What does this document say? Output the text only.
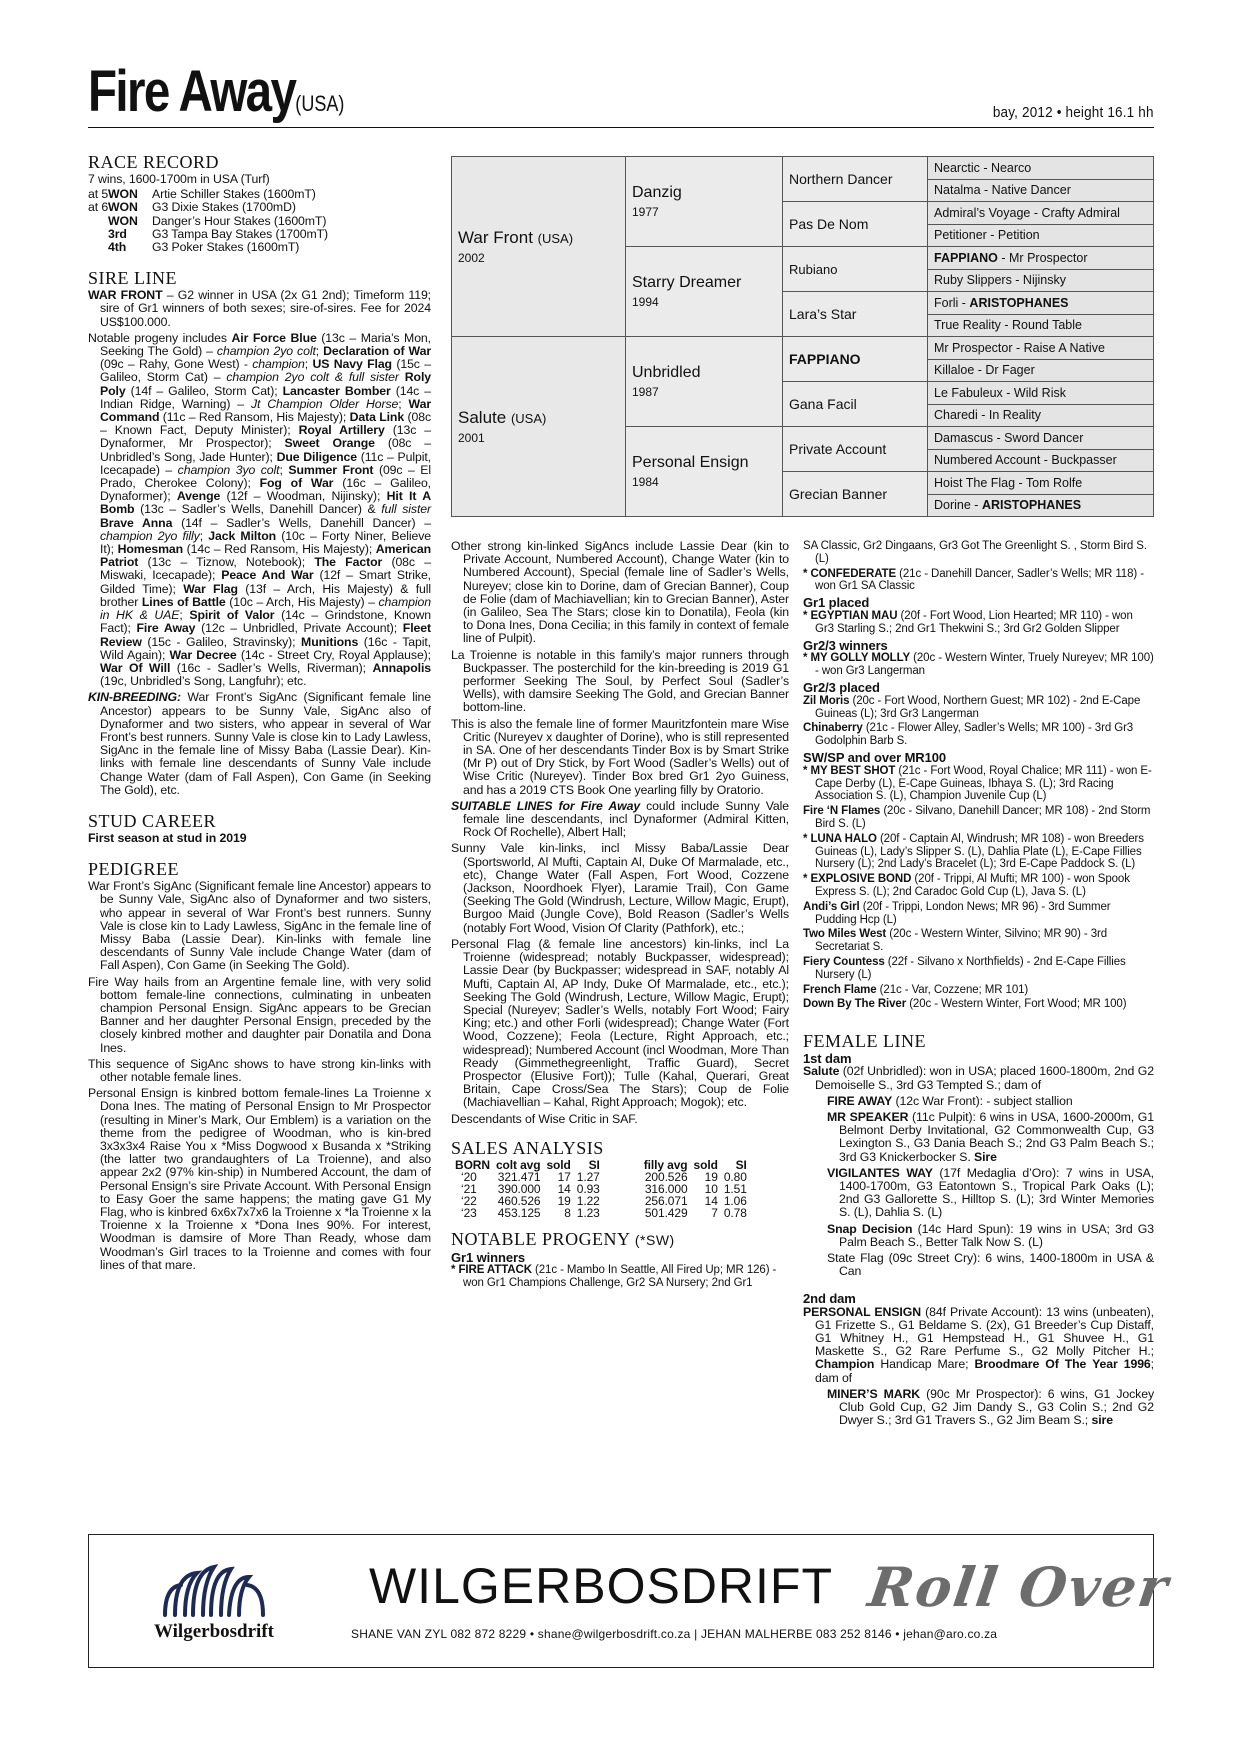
Fire Away(USA)	bay, 2012 • height 16.1 hh
RACE RECORD

7 wins, 1600-1700m in USA (Turf)

at 5 WON	Artie Schiller Stakes (1600mT)
at 6 WON	G3 Dixie Stakes (1700mD)
WON	Danger’s Hour Stakes (1600mT)
3rd	G3 Tampa Bay Stakes (1700mT)
4th	G3 Poker Stakes (1600mT)
SIRE LINE

WAR FRONT – G2 winner in USA (2x G1 2nd); Timeform 119; sire of Gr1 winners of both sexes; sire-of-sires. Fee for 2024 US$100.000.

Notable progeny includes Air Force Blue (13c – Maria’s Mon, Seeking The Gold) – champion 2yo colt; Declaration of War (09c – Rahy, Gone West) - champion; US Navy Flag (15c – Galileo, Storm Cat) – champion 2yo colt & full sister Roly Poly (14f – Galileo, Storm Cat); Lancaster Bomber (14c – Indian Ridge, Warning) – Jt Champion Older Horse; War Command (11c – Red Ransom, His Majesty); Data Link (08c – Known Fact, Deputy Minister); Royal Artillery (13c – Dynaformer, Mr Prospector); Sweet Orange (08c – Unbridled’s Song, Jade Hunter); Due Diligence (11c – Pulpit, Icecapade) – champion 3yo colt; Summer Front (09c – El Prado, Cherokee Colony); Fog of War (16c – Galileo, Dynaformer); Avenge (12f – Woodman, Nijinsky); Hit It A Bomb (13c – Sadler’s Wells, Danehill Dancer) & full sister Brave Anna (14f – Sadler’s Wells, Danehill Dancer) – champion 2yo filly; Jack Milton (10c – Forty Niner, Believe It); Homesman (14c – Red Ransom, His Majesty); American Patriot (13c – Tiznow, Notebook); The Factor (08c – Miswaki, Icecapade); Peace And War (12f – Smart Strike, Gilded Time); War Flag (13f – Arch, His Majesty) & full brother Lines of Battle (10c – Arch, His Majesty) – champion in HK & UAE; Spirit of Valor (14c – Grindstone, Known Fact); Fire Away (12c – Unbridled, Private Account); Fleet Review (15c - Galileo, Stravinsky); Munitions (16c - Tapit, Wild Again); War Decree (14c - Street Cry, Royal Applause); War Of Will (16c - Sadler’s Wells, Riverman); Annapolis (19c, Unbridled’s Song, Langfuhr); etc.

KIN-BREEDING: War Front’s SigAnc (Significant female line Ancestor) appears to be Sunny Vale, SigAnc also of Dynaformer and two sisters, who appear in several of War Front’s best runners. Sunny Vale is close kin to Lady Lawless, SigAnc in the female line of Missy Baba (Lassie Dear). Kin-links with female line descendants of Sunny Vale include Change Water (dam of Fall Aspen), Con Game (in Seeking The Gold), etc.

STUD CAREER

First season at stud in 2019

PEDIGREE

War Front’s SigAnc (Significant female line Ancestor) appears to be Sunny Vale, SigAnc also of Dynaformer and two sisters, who appear in several of War Front’s best runners. Sunny Vale is close kin to Lady Lawless, SigAnc in the female line of Missy Baba (Lassie Dear). Kin-links with female line descendants of Sunny Vale include Change Water (dam of Fall Aspen), Con Game (in Seeking The Gold).

Fire Way hails from an Argentine female line, with very solid bottom female-line connections, culminating in unbeaten champion Personal Ensign. SigAnc appears to be Grecian Banner and her daughter Personal Ensign, preceded by the closely kinbred mother and daughter pair Donatila and Dona Ines.

This sequence of SigAnc shows to have strong kin-links with other notable female lines.

Personal Ensign is kinbred bottom female-lines La Troienne x Dona Ines. The mating of Personal Ensign to Mr Prospector (resulting in Miner’s Mark, Our Emblem) is a variation on the theme from the pedigree of Woodman, who is kin-bred 3x3x3x4 Raise You x *Miss Dogwood x Busanda x *Striking (the latter two grandaughters of La Troienne), and also appear 2x2 (97% kin-ship) in Numbered Account, the dam of Personal Ensign’s sire Private Account. With Personal Ensign to Easy Goer the same happens; the mating gave G1 My Flag, who is kinbred 6x6x7x7x6 la Troienne x *la Troienne x la Troienne x la Troienne x *Dona Ines 90%. For interest, Woodman is damsire of More Than Ready, whose dam Woodman’s Girl traces to la Troienne and comes with four lines of that mare.

War Front (USA)
2002	Danzig
1977	Northern Dancer	Nearctic - Nearco
			Natalma - Native Dancer
		Pas De Nom	Admiral’s Voyage - Crafty Admiral
			Petitioner - Petition
	Starry Dreamer
1994	Rubiano	FAPPIANO - Mr Prospector
			Ruby Slippers - Nijinsky
		Lara’s Star	Forli - ARISTOPHANES
			True Reality - Round Table
Salute (USA)
2001	Unbridled
1987	FAPPIANO	Mr Prospector - Raise A Native
			Killaloe - Dr Fager
		Gana Facil	Le Fabuleux - Wild Risk
			Charedi - In Reality
	Personal Ensign
1984	Private Account	Damascus - Sword Dancer
			Numbered Account - Buckpasser
		Grecian Banner	Hoist The Flag - Tom Rolfe
			Dorine - ARISTOPHANES

Other strong kin-linked SigAncs include Lassie Dear (kin to Private Account, Numbered Account), Change Water (kin to Numbered Account), Special (female line of Sadler’s Wells, Nureyev; close kin to Dorine, dam of Grecian Banner), Coup de Folie (dam of Machiavellian; kin to Grecian Banner), Aster (in Galileo, Sea The Stars; close kin to Donatila), Feola (kin to Dona Ines, Dona Cecilia; in this family in context of female line of Pulpit).

La Troienne is notable in this family’s major runners through Buckpasser. The posterchild for the kin-breeding is 2019 G1 performer Seeking The Soul, by Perfect Soul (Sadler’s Wells), with damsire Seeking The Gold, and Grecian Banner bottom-line.

This is also the female line of former Mauritzfontein mare Wise Critic (Nureyev x daughter of Dorine), who is still represented in SA. One of her descendants Tinder Box is by Smart Strike (Mr P) out of Dry Stick, by Fort Wood (Sadler’s Wells) out of Wise Critic (Nureyev). Tinder Box bred Gr1 2yo Guiness, and has a 2019 CTS Book One yearling filly by Oratorio.

SUITABLE LINES for Fire Away could include Sunny Vale female line descendants, incl Dynaformer (Admiral Kitten, Rock Of Rochelle), Albert Hall;

Sunny Vale kin-links, incl Missy Baba/Lassie Dear (Sportsworld, Al Mufti, Captain Al, Duke Of Marmalade, etc., etc), Change Water (Fall Aspen, Fort Wood, Cozzene (Jackson, Noordhoek Flyer), Laramie Trail), Con Game (Seeking The Gold (Windrush, Lecture, Willow Magic, Erupt), Burgoo Maid (Jungle Cove), Bold Reason (Sadler’s Wells (notably Fort Wood, Vision Of Clarity (Pathfork), etc.;

Personal Flag (& female line ancestors) kin-links, incl La Troienne (widespread; notably Buckpasser, widespread); Lassie Dear (by Buckpasser; widespread in SAF, notably Al Mufti, Captain Al, AP Indy, Duke Of Marmalade, etc., etc.); Seeking The Gold (Windrush, Lecture, Willow Magic, Erupt); Special (Nureyev; Sadler’s Wells, notably Fort Wood; Fairy King; etc.) and other Forli (widespread); Change Water (Fort Wood, Cozzene); Feola (Lecture, Right Approach, etc.; widespread); Numbered Account (incl Woodman, More Than Ready (Gimmethegreenlight, Traffic Guard), Secret Prospector (Elusive Fort)); Tulle (Kahal, Querari, Great Britain, Cape Cross/Sea The Stars); Coup de Folie (Machiavellian – Kahal, Right Approach; Mogok); etc.

Descendants of Wise Critic in SAF.

SALES ANALYSIS
BORN	colt avg	sold	SI	filly avg	sold	SI
‘20	321.471	17	1.27	200.526	19	0.80
‘21	390.000	14	0.93	316.000	10	1.51
‘22	460.526	19	1.22	256.071	14	1.06
‘23	453.125	8	1.23	501.429	7	0.78
NOTABLE PROGENY (*SW)
Gr1 winners

* FIRE ATTACK (21c - Mambo In Seattle, All Fired Up; MR 126) - won Gr1 Champions Challenge, Gr2 SA Nursery; 2nd Gr1

SA Classic, Gr2 Dingaans, Gr3 Got The Greenlight S. , Storm Bird S. (L)

* CONFEDERATE (21c - Danehill Dancer, Sadler’s Wells; MR 118) - won Gr1 SA Classic

Gr1 placed

* EGYPTIAN MAU (20f - Fort Wood, Lion Hearted; MR 110) - won Gr3 Starling S.; 2nd Gr1 Thekwini S.; 3rd Gr2 Golden Slipper

Gr2/3 winners

* MY GOLLY MOLLY (20c - Western Winter, Truely Nureyev; MR 100) - won Gr3 Langerman

Gr2/3 placed

Zil Moris (20c - Fort Wood, Northern Guest; MR 102) - 2nd E-Cape Guineas (L); 3rd Gr3 Langerman

Chinaberry (21c - Flower Alley, Sadler’s Wells; MR 100) - 3rd Gr3 Godolphin Barb S.

SW/SP and over MR100

* MY BEST SHOT (21c - Fort Wood, Royal Chalice; MR 111) - won E-Cape Derby (L), E-Cape Guineas, Ibhaya S. (L); 3rd Racing Association S. (L), Champion Juvenile Cup (L)

Fire ‘N Flames (20c - Silvano, Danehill Dancer; MR 108) - 2nd Storm Bird S. (L)

* LUNA HALO (20f - Captain Al, Windrush; MR 108) - won Breeders Guineas (L), Lady’s Slipper S. (L), Dahlia Plate (L), E-Cape Fillies Nursery (L); 2nd Lady’s Bracelet (L); 3rd E-Cape Paddock S. (L)

* EXPLOSIVE BOND (20f - Trippi, Al Mufti; MR 100) - won Spook Express S. (L); 2nd Caradoc Gold Cup (L), Java S. (L)

Andi’s Girl (20f - Trippi, London News; MR 96) - 3rd Summer Pudding Hcp (L)

Two Miles West (20c - Western Winter, Silvino; MR 90) - 3rd Secretariat S.

Fiery Countess (22f - Silvano x Northfields) - 2nd E-Cape Fillies Nursery (L)

French Flame (21c - Var, Cozzene; MR 101)

Down By The River (20c - Western Winter, Fort Wood; MR 100)

FEMALE LINE
1st dam

Salute (02f Unbridled): won in USA; placed 1600-1800m, 2nd G2 Demoiselle S., 3rd G3 Tempted S.; dam of

FIRE AWAY (12c War Front): - subject stallion

MR SPEAKER (11c Pulpit): 6 wins in USA, 1600-2000m, G1 Belmont Derby Invitational, G2 Commonwealth Cup, G3 Lexington S., G3 Dania Beach S.; 2nd G3 Palm Beach S.; 3rd G3 Knickerbocker S. Sire

VIGILANTES WAY (17f Medaglia d’Oro): 7 wins in USA, 1400-1700m, G3 Eatontown S., Tropical Park Oaks (L); 2nd G3 Gallorette S., Hilltop S. (L); 3rd Winter Memories S. (L), Dahlia S. (L)

Snap Decision (14c Hard Spun): 19 wins in USA; 3rd G3 Palm Beach S., Better Talk Now S. (L)

State Flag (09c Street Cry): 6 wins, 1400-1800m in USA & Can

2nd dam

PERSONAL ENSIGN (84f Private Account): 13 wins (unbeaten), G1 Frizette S., G1 Beldame S. (2x), G1 Breeder’s Cup Distaff, G1 Whitney H., G1 Hempstead H., G1 Shuvee H., G1 Maskette S., G2 Rare Perfume S., G2 Molly Pitcher H.; Champion Handicap Mare; Broodmare Of The Year 1996; dam of

MINER’S MARK (90c Mr Prospector): 6 wins, G1 Jockey Club Gold Cup, G2 Jim Dandy S., G3 Colin S.; 2nd G2 Dwyer S.; 3rd G1 Travers S., G2 Jim Beam S.; sire

Wilgerbosdrift
WILGERBOSDRIFT
SHANE VAN ZYL 082 872 8229 • shane@wilgerbosdrift.co.za | JEHAN MALHERBE 083 252 8146 • jehan@aro.co.za
Roll Over
